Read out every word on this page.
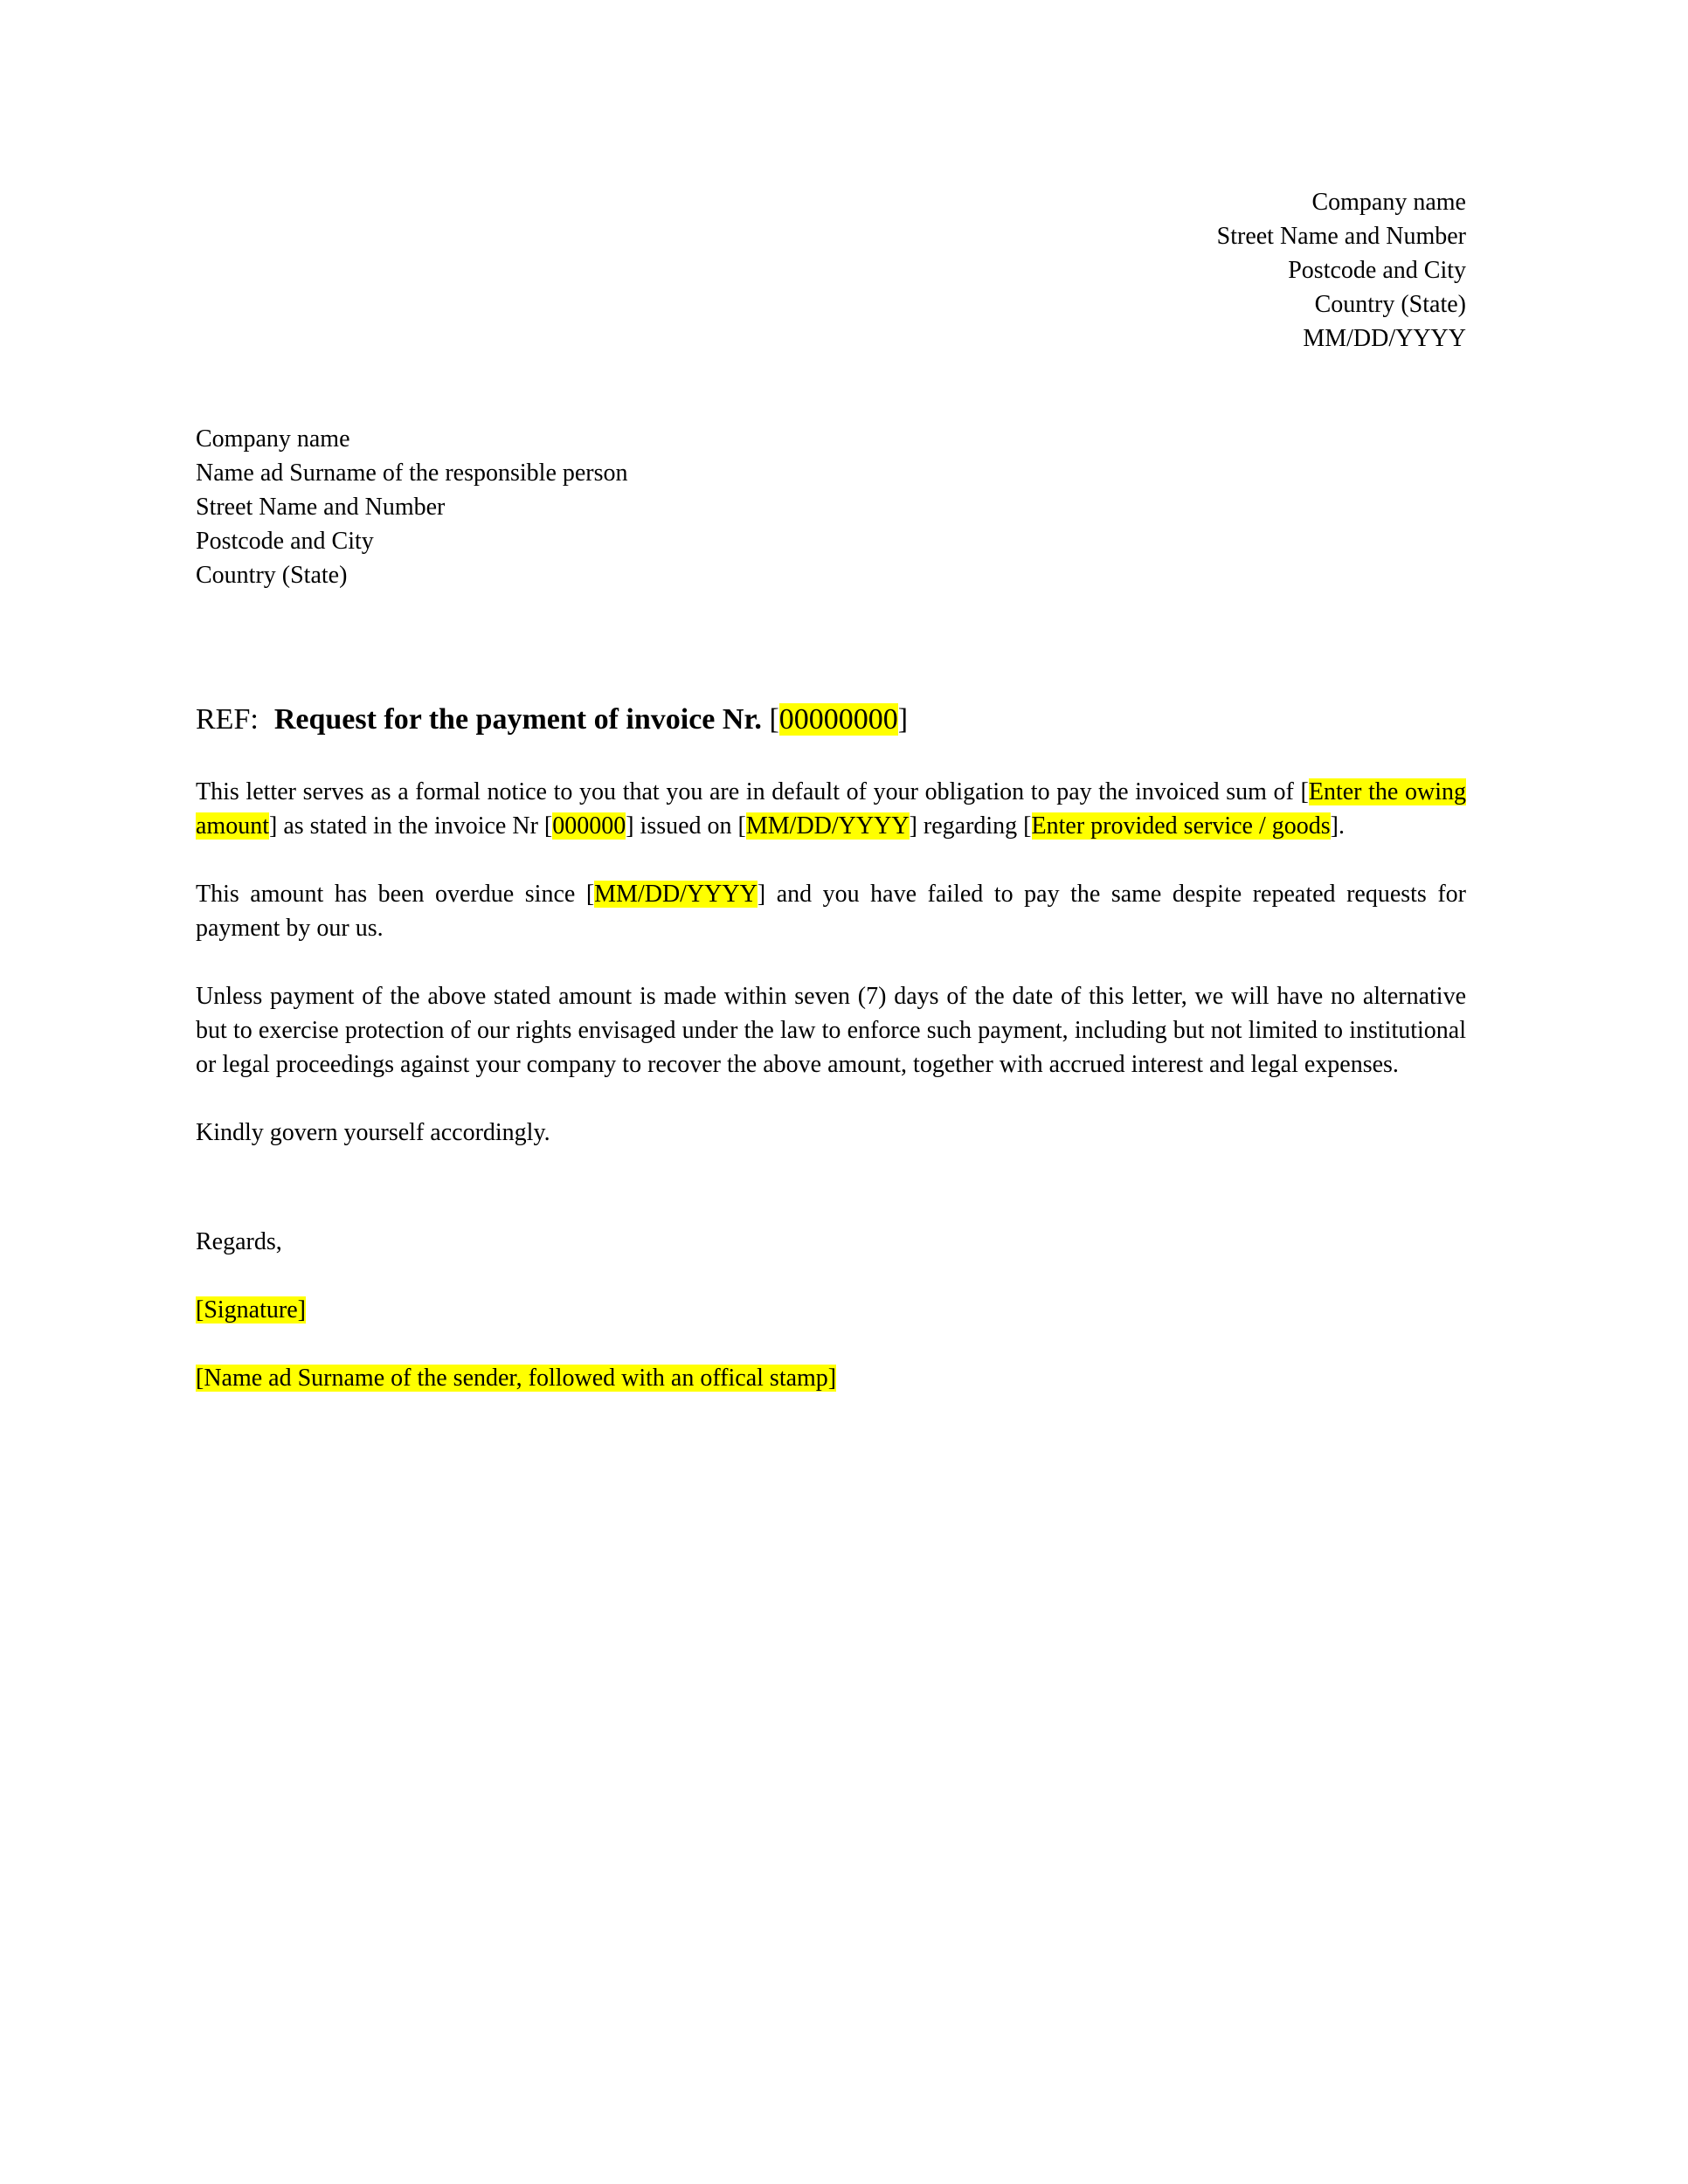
Company name
Street Name and Number
Postcode and City
Country (State)
MM/DD/YYYY
Company name
Name ad Surname of the responsible person
Street Name and Number
Postcode and City
Country (State)
REF: Request for the payment of invoice Nr. [00000000]

This letter serves as a formal notice to you that you are in default of your obligation to pay the invoiced sum of [Enter the owing amount] as stated in the invoice Nr [000000] issued on [MM/DD/YYYY] regarding [Enter provided service / goods].

This amount has been overdue since [MM/DD/YYYY] and you have failed to pay the same despite repeated requests for payment by our us.

Unless payment of the above stated amount is made within seven (7) days of the date of this letter, we will have no alternative but to exercise protection of our rights envisaged under the law to enforce such payment, including but not limited to institutional or legal proceedings against your company to recover the above amount, together with accrued interest and legal expenses.

Kindly govern yourself accordingly.

Regards,

[Signature]

[Name ad Surname of the sender, followed with an offical stamp]
